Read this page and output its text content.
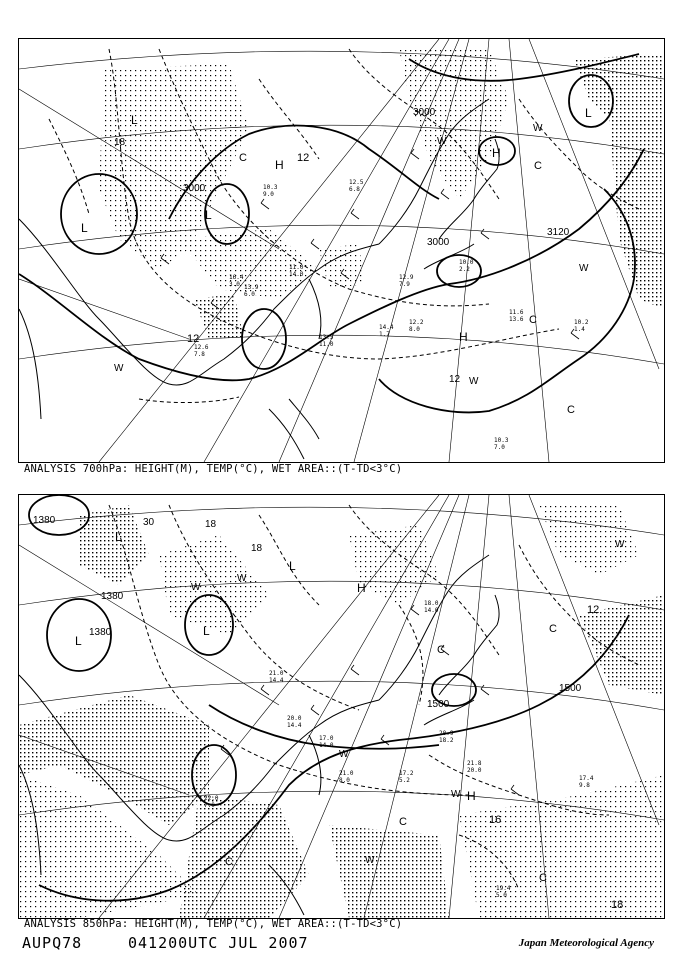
10.3
9.0
12.5
6.8
11.0
14.0
13.9
6.0
14.4
1.7
12.2
8.0
10.0
2.2
11.6
13.6	10.2
1.4
10.3
7.0
12.6
7.8
16.4
3.0
13.5
11.0
12.9
7.9
L
L
L
L
H
H
H
3000
3000
3120
3000
18
12
12
12
C
C
C
C
W
W
W
W
W
ANALYSIS 700hPa: HEIGHT(M), TEMP(°C), WET AREA::(T-TD<3°C)
20.0
14.4
17.0
14.0
20.9
18.2
21.8
20.0
17.4
9.8
19.4
5.0
18.0
14.0
17.2
5.2
21.0
14.4
22.0
7.0
21.0
8.0
L
L
L
L
H
H
1380
1380
1500
1380
1500
18
18
12
16
18
30
C
C
C
C
C
W
W
W
W
W
W
ANALYSIS 850hPa: HEIGHT(M), TEMP(°C), WET AREA::(T-TD<3°C)
AUPQ78	041200UTC JUL 2007	Japan Meteorological Agency
